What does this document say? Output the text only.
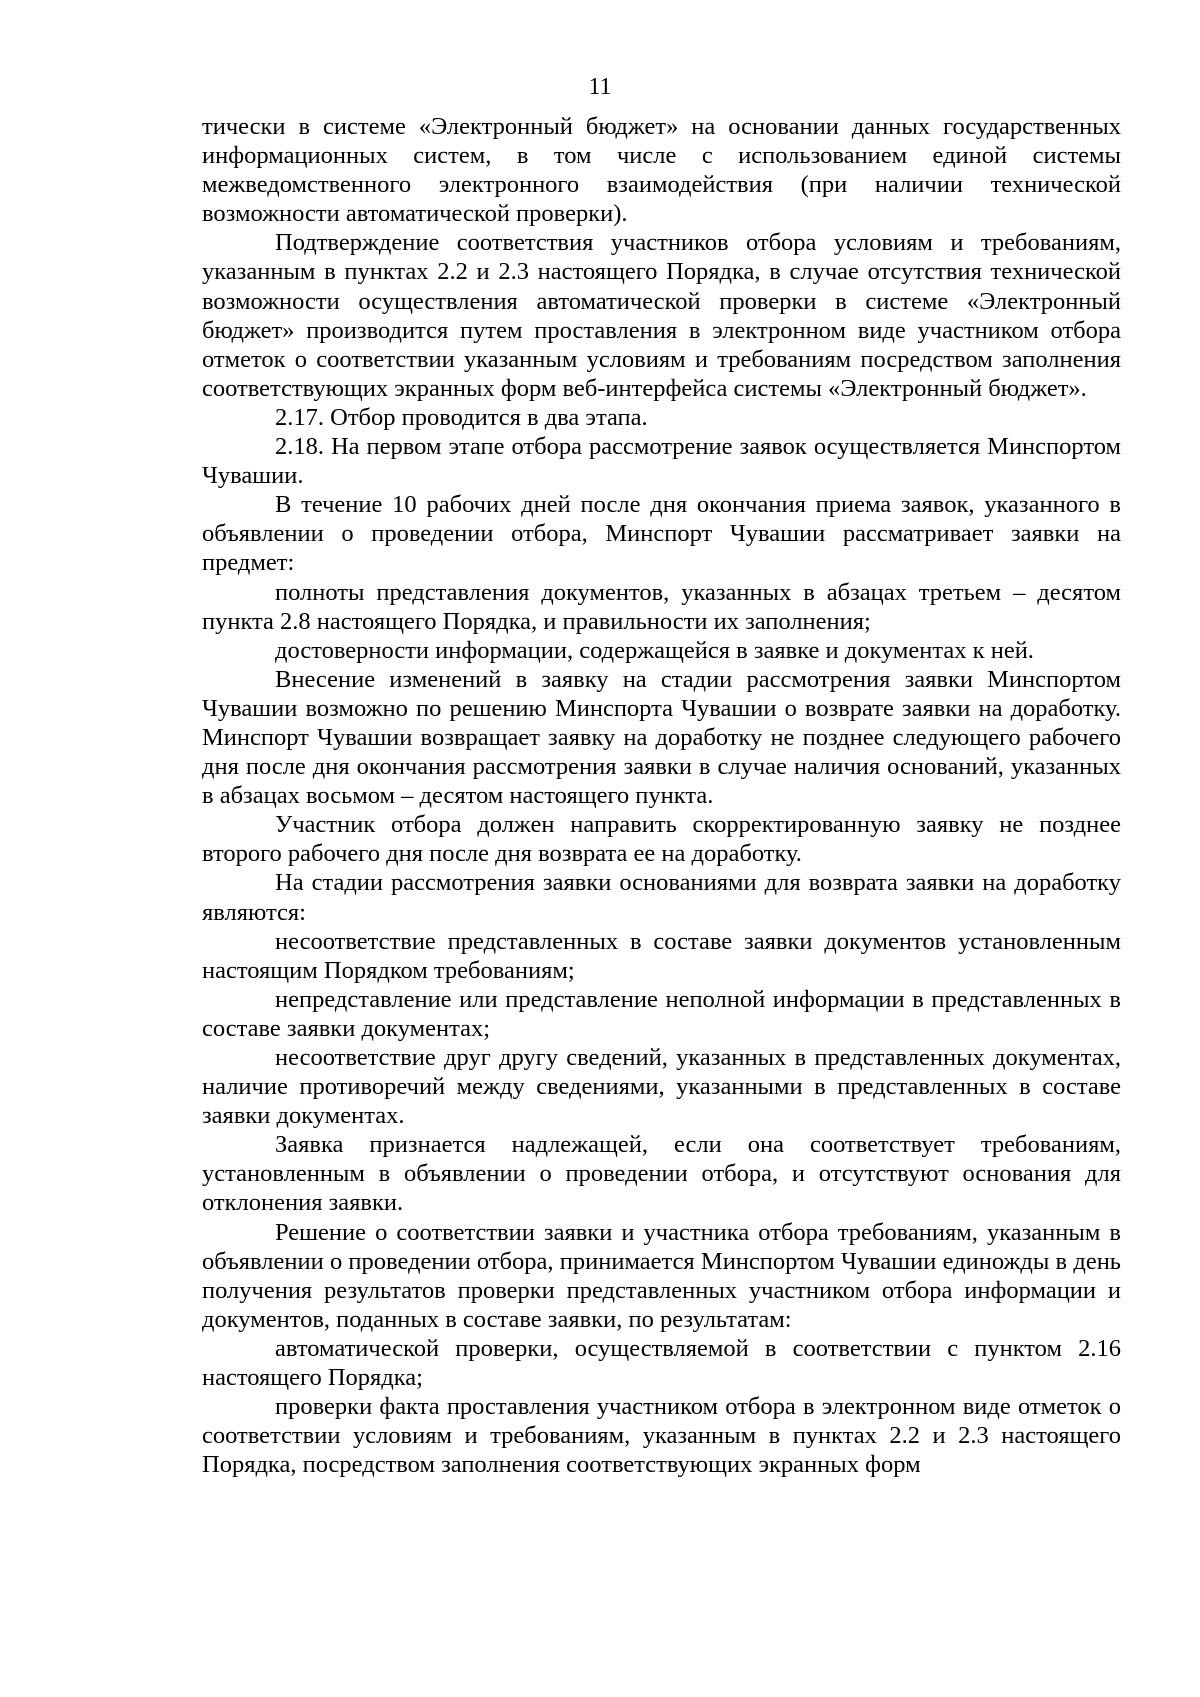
11

тически в системе «Электронный бюджет» на основании данных государственных информационных систем, в том числе с использованием единой системы межведомственного электронного взаимодействия (при наличии технической возможности автоматической проверки).

Подтверждение соответствия участников отбора условиям и требованиям, указанным в пунктах 2.2 и 2.3 настоящего Порядка, в случае отсутствия технической возможности осуществления автоматической проверки в системе «Электронный бюджет» производится путем проставления в электронном виде участником отбора отметок о соответствии указанным условиям и требованиям посредством заполнения соответствующих экранных форм веб-интерфейса системы «Электронный бюджет».

2.17. Отбор проводится в два этапа.

2.18. На первом этапе отбора рассмотрение заявок осуществляется Минспортом Чувашии.

В течение 10 рабочих дней после дня окончания приема заявок, указанного в объявлении о проведении отбора, Минспорт Чувашии рассматривает заявки на предмет:

полноты представления документов, указанных в абзацах третьем – десятом пункта 2.8 настоящего Порядка, и правильности их заполнения;

достоверности информации, содержащейся в заявке и документах к ней.

Внесение изменений в заявку на стадии рассмотрения заявки Минспортом Чувашии возможно по решению Минспорта Чувашии о возврате заявки на доработку. Минспорт Чувашии возвращает заявку на доработку не позднее следующего рабочего дня после дня окончания рассмотрения заявки в случае наличия оснований, указанных в абзацах восьмом – десятом настоящего пункта.

Участник отбора должен направить скорректированную заявку не позднее второго рабочего дня после дня возврата ее на доработку.

На стадии рассмотрения заявки основаниями для возврата заявки на доработку являются:

несоответствие представленных в составе заявки документов установленным настоящим Порядком требованиям;

непредставление или представление неполной информации в представленных в составе заявки документах;

несоответствие друг другу сведений, указанных в представленных документах, наличие противоречий между сведениями, указанными в представленных в составе заявки документах.

Заявка признается надлежащей, если она соответствует требованиям, установленным в объявлении о проведении отбора, и отсутствуют основания для отклонения заявки.

Решение о соответствии заявки и участника отбора требованиям, указанным в объявлении о проведении отбора, принимается Минспортом Чувашии единожды в день получения результатов проверки представленных участником отбора информации и документов, поданных в составе заявки, по результатам:

автоматической проверки, осуществляемой в соответствии с пунктом 2.16 настоящего Порядка;

проверки факта проставления участником отбора в электронном виде отметок о соответствии условиям и требованиям, указанным в пунктах 2.2 и 2.3 настоящего Порядка, посредством заполнения соответствующих экранных форм
